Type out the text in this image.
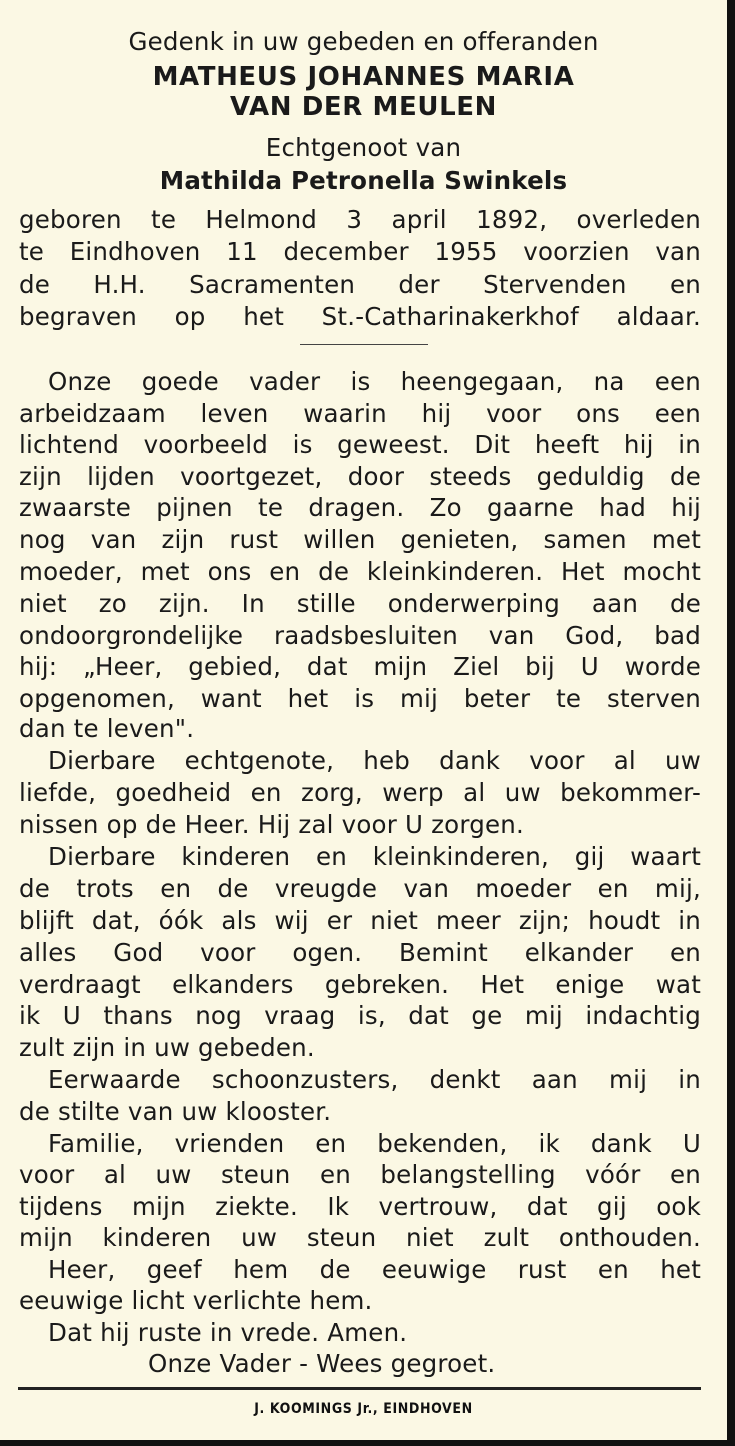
Gedenk in uw gebeden en offeranden
MATHEUS JOHANNES MARIA
VAN DER MEULEN
Echtgenoot van
Mathilda Petronella Swinkels
geboren te Helmond 3 april 1892, overleden
te Eindhoven 11 december 1955 voorzien van
de H.H. Sacramenten der Stervenden en
begraven op het St.-Catharinakerkhof aldaar.
Onze goede vader is heengegaan, na een
arbeidzaam leven waarin hij voor ons een
lichtend voorbeeld is geweest. Dit heeft hij in
zijn lijden voortgezet, door steeds geduldig de
zwaarste pijnen te dragen. Zo gaarne had hij
nog van zijn rust willen genieten, samen met
moeder, met ons en de kleinkinderen. Het mocht
niet zo zijn. In stille onderwerping aan de
ondoorgrondelijke raadsbesluiten van God, bad
hij: „Heer, gebied, dat mijn Ziel bij U worde
opgenomen, want het is mij beter te sterven
dan te leven".
Dierbare echtgenote, heb dank voor al uw
liefde, goedheid en zorg, werp al uw bekommer-
nissen op de Heer. Hij zal voor U zorgen.
Dierbare kinderen en kleinkinderen, gij waart
de trots en de vreugde van moeder en mij,
blijft dat, óók als wij er niet meer zijn; houdt in
alles God voor ogen. Bemint elkander en
verdraagt elkanders gebreken. Het enige wat
ik U thans nog vraag is, dat ge mij indachtig
zult zijn in uw gebeden.
Eerwaarde schoonzusters, denkt aan mij in
de stilte van uw klooster.
Familie, vrienden en bekenden, ik dank U
voor al uw steun en belangstelling vóór en
tijdens mijn ziekte. Ik vertrouw, dat gij ook
mijn kinderen uw steun niet zult onthouden.
Heer, geef hem de eeuwige rust en het
eeuwige licht verlichte hem.
Dat hij ruste in vrede. Amen.
Onze Vader - Wees gegroet.
J. KOOMINGS Jr., EINDHOVEN
